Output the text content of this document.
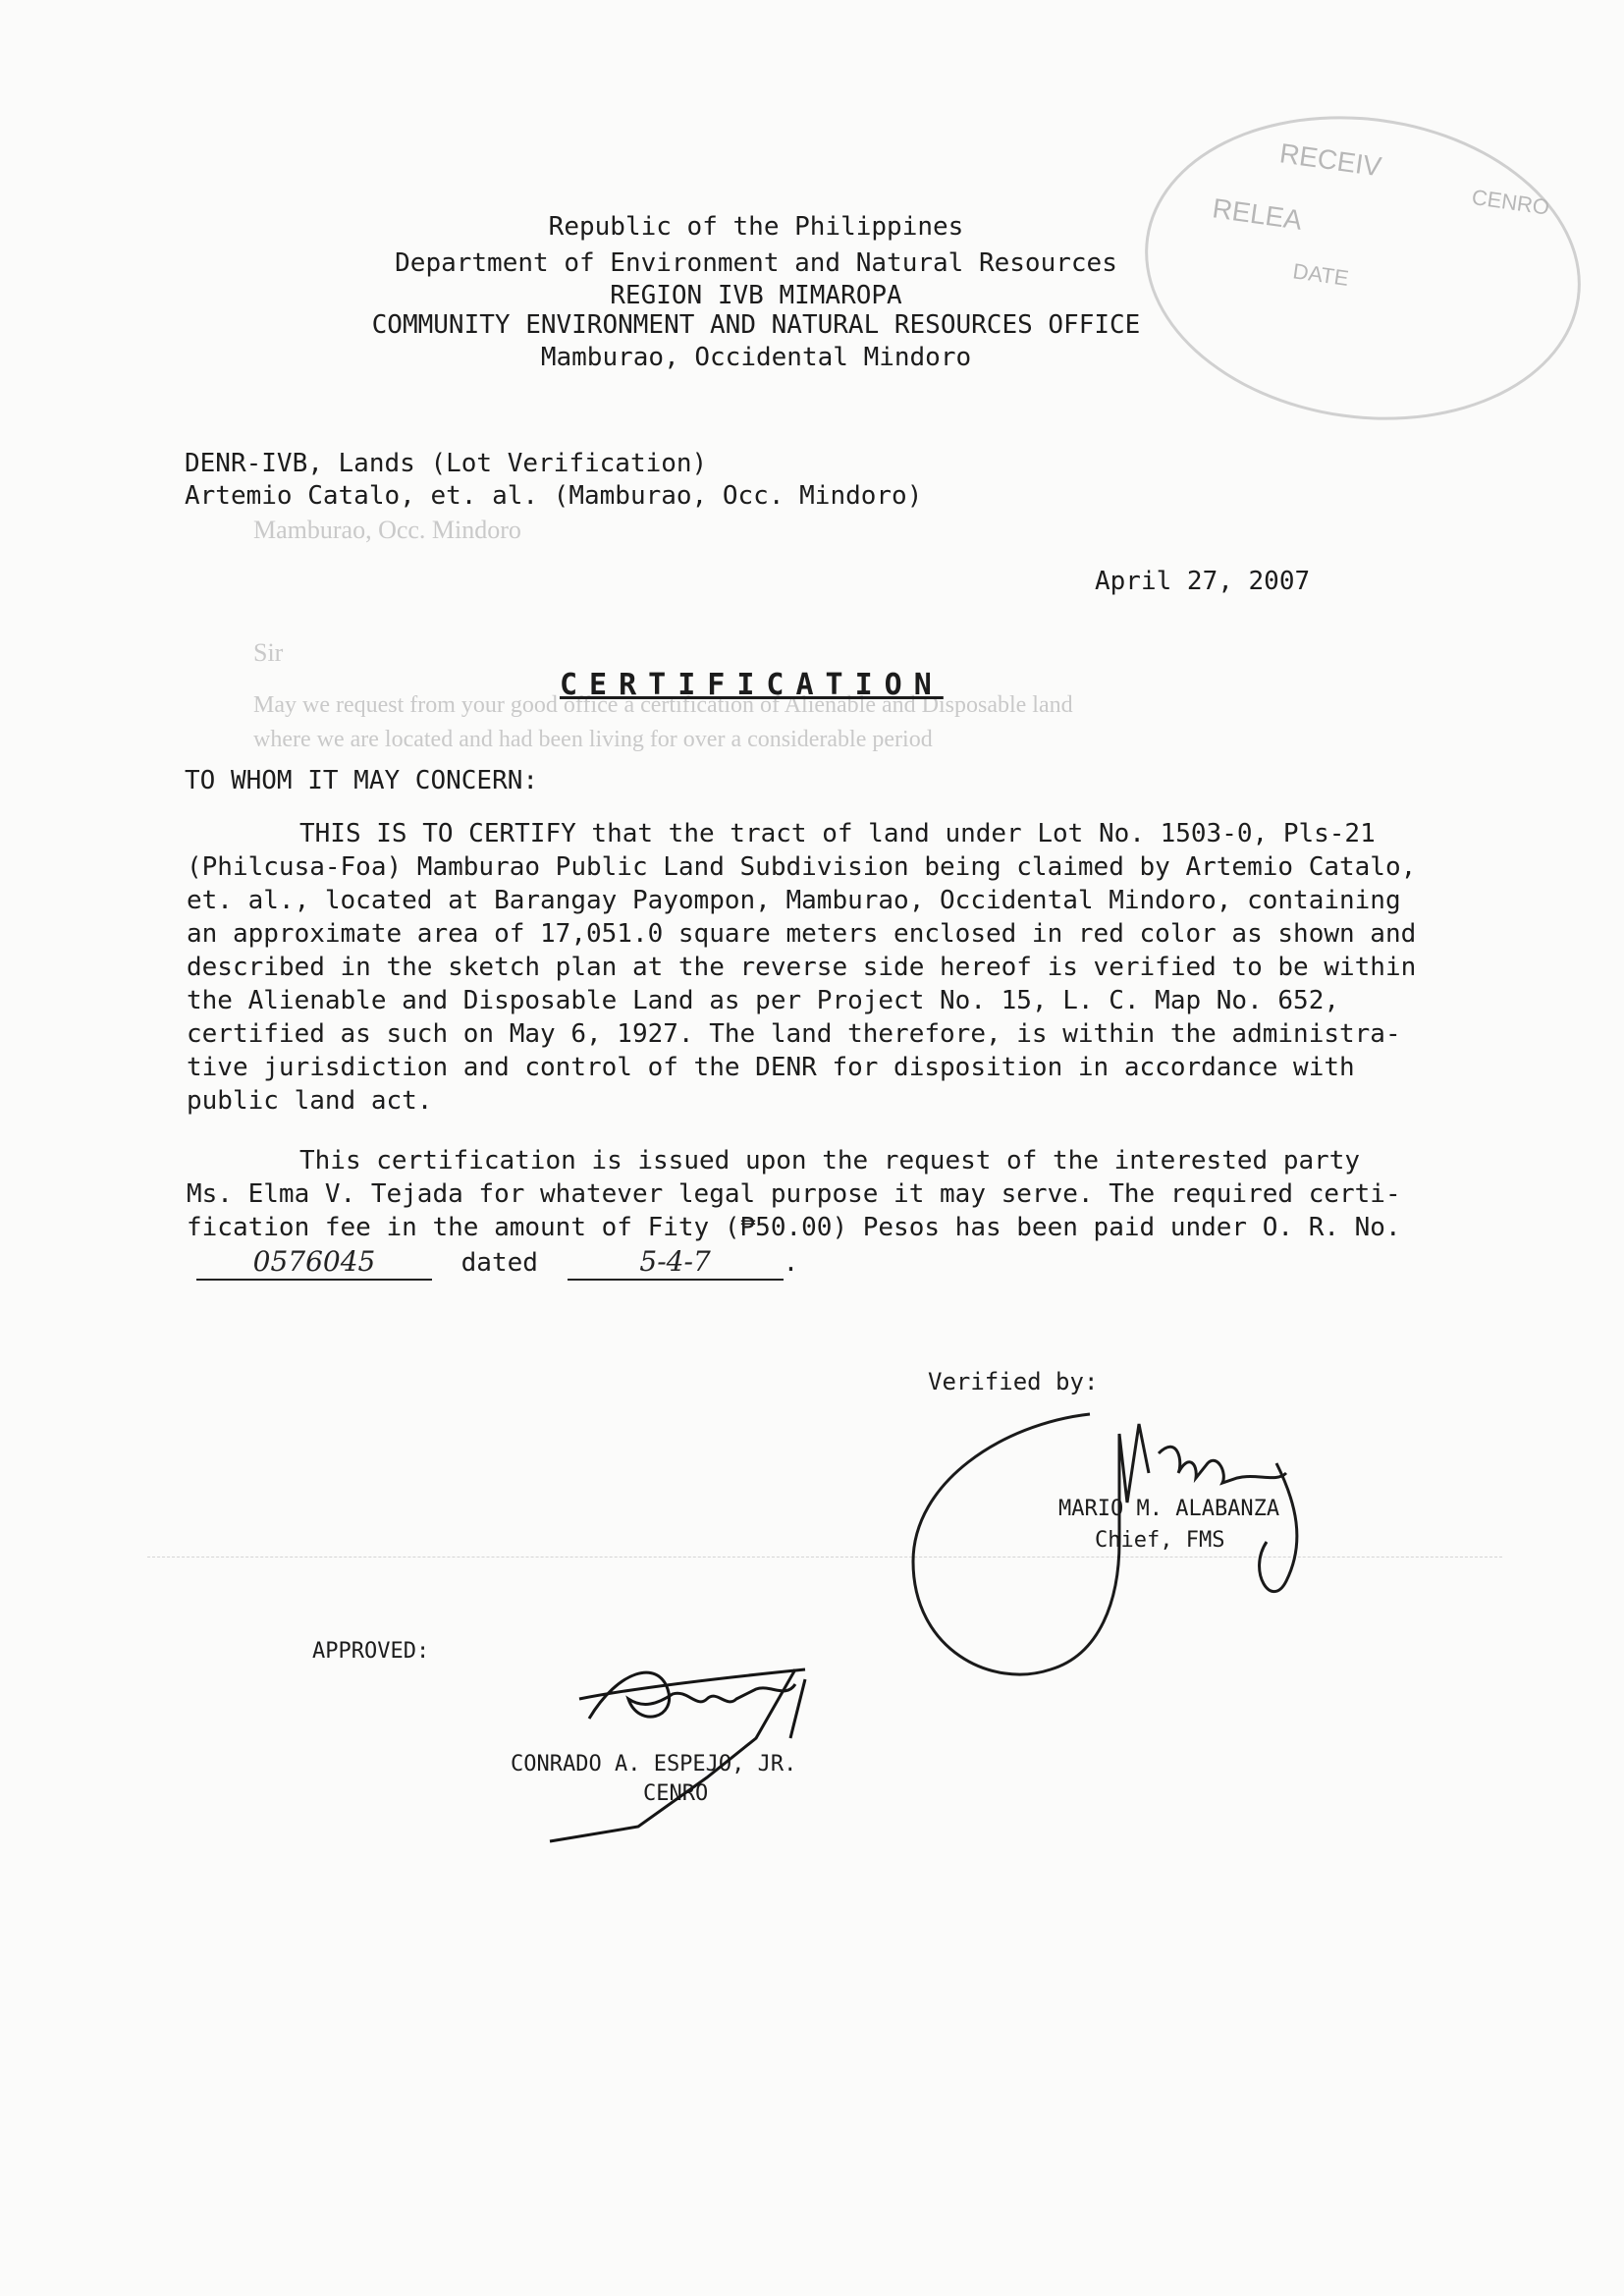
Mamburao, Occ. Mindoro
Sir
May we request from your good office a certification of Alienable and Disposable land
where we are located and had been living for over a considerable period
RECEIV
RELEA	CENRO
DATE
Republic of the Philippines
Department of Environment and Natural Resources
REGION IVB MIMAROPA
COMMUNITY ENVIRONMENT AND NATURAL RESOURCES OFFICE
Mamburao, Occidental Mindoro
DENR-IVB, Lands (Lot Verification)
Artemio Catalo, et. al. (Mamburao, Occ. Mindoro)
April 27, 2007
CERTIFICATION
TO WHOM IT MAY CONCERN:
THIS IS TO CERTIFY that the tract of land under Lot No. 1503-0, Pls-21
(Philcusa-Foa) Mamburao Public Land Subdivision being claimed by Artemio Catalo,
et. al., located at Barangay Payompon, Mamburao, Occidental Mindoro, containing
an approximate area of 17,051.0 square meters enclosed in red color as shown and
described in the sketch plan at the reverse side hereof is verified to be within
the Alienable and Disposable Land as per Project No. 15, L. C. Map No. 652,
certified as such on May 6, 1927. The land therefore, is within the administra-
tive jurisdiction and control of the DENR for disposition in accordance with
public land act.
This certification is issued upon the request of the interested party
Ms. Elma V. Tejada for whatever legal purpose it may serve. The required certi-
fication fee in the amount of Fity (₱50.00) Pesos has been paid under O. R. No.
0576045	dated	5-4-7	.
Verified by:
MARIO M. ALABANZA
Chief, FMS
APPROVED:
CONRADO A. ESPEJO, JR.
CENRO
